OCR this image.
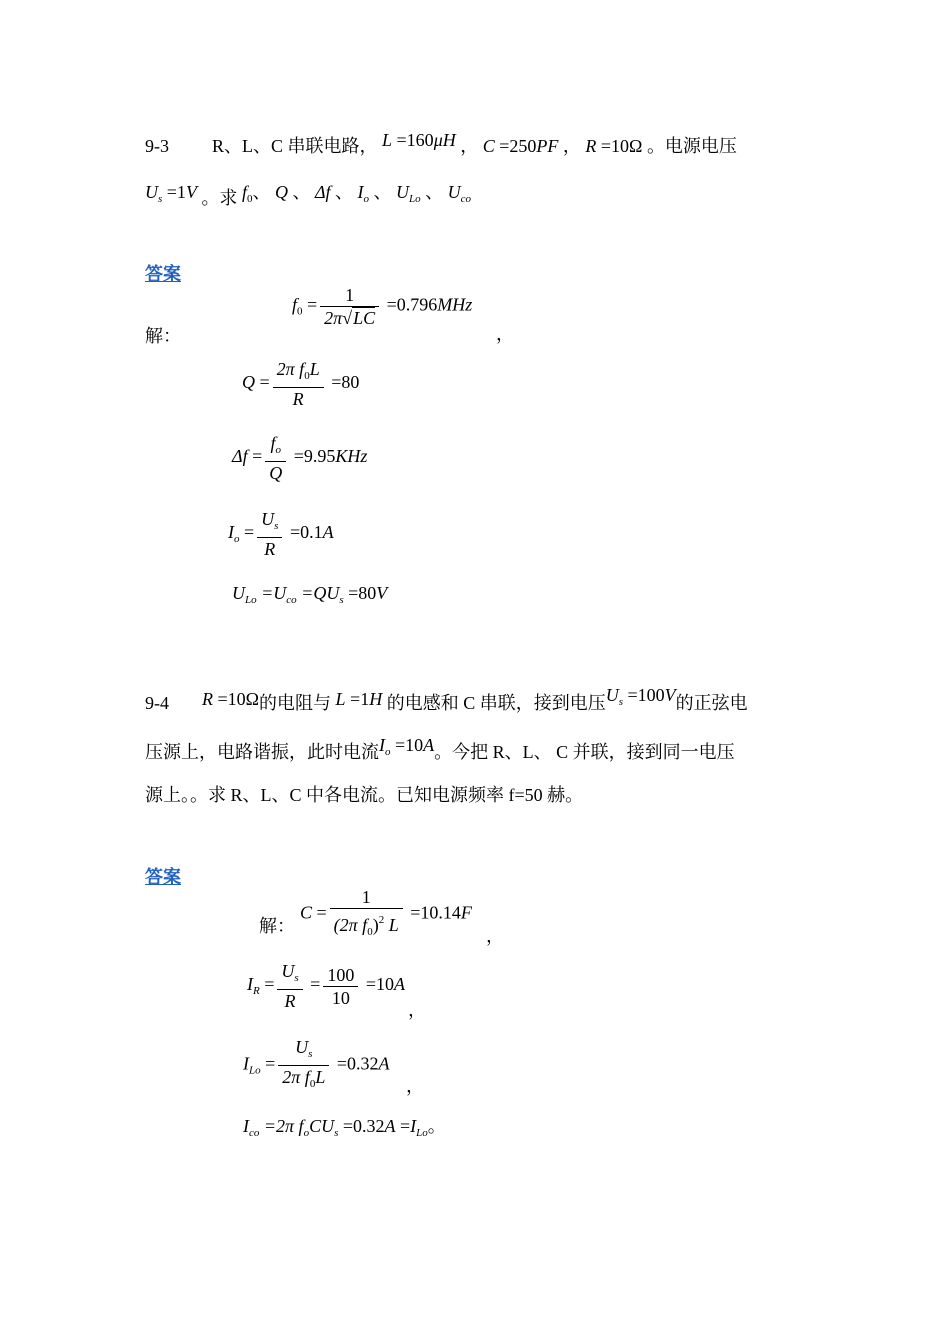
9-3 R、L、C 串联电路， L =160μH ， C =250PF ， R =10Ω 。电源电压
$U_s =1V$ 。求 $f_0$、 Q 、 Δf 、 $I_o$ 、 $U_{Lo}$ 、 $U_{co}$
答案
解：
$f_0 = \frac{1}{2\pi√LC} =0.796MHz$
，
$Q = \frac{2\pi f_0L}{R} =80$
$\Delta f = \frac{f_o}{Q} =9.95KHz$
$I_o = \frac{U_s}{R} =0.1A$
$U_{Lo} =U_{co} =QU_s =80V$
9-4 R =10Ω的电阻与 L =1H 的电感和 C 串联，接到电压$U_s =100V$的正弦电
压源上，电路谐振，此时电流$I_o =10A$。今把 R、L、 C 并联，接到同一电压
源上。。求 R、L、C 中各电流。已知电源频率 f=50 赫。
答案
解：
$C = \frac{1}{(2\pi f_0)^2 L} =10.14F$
，
$I_R = \frac{U_s}{R} = \frac{100}{10} =10A$
，
$I_{Lo} = \frac{U_s}{2\pi f_0L} =0.32A$
，
$I_{co} =2\pi$ $f_oCU_s =0.32A =I_{Lo}$。
